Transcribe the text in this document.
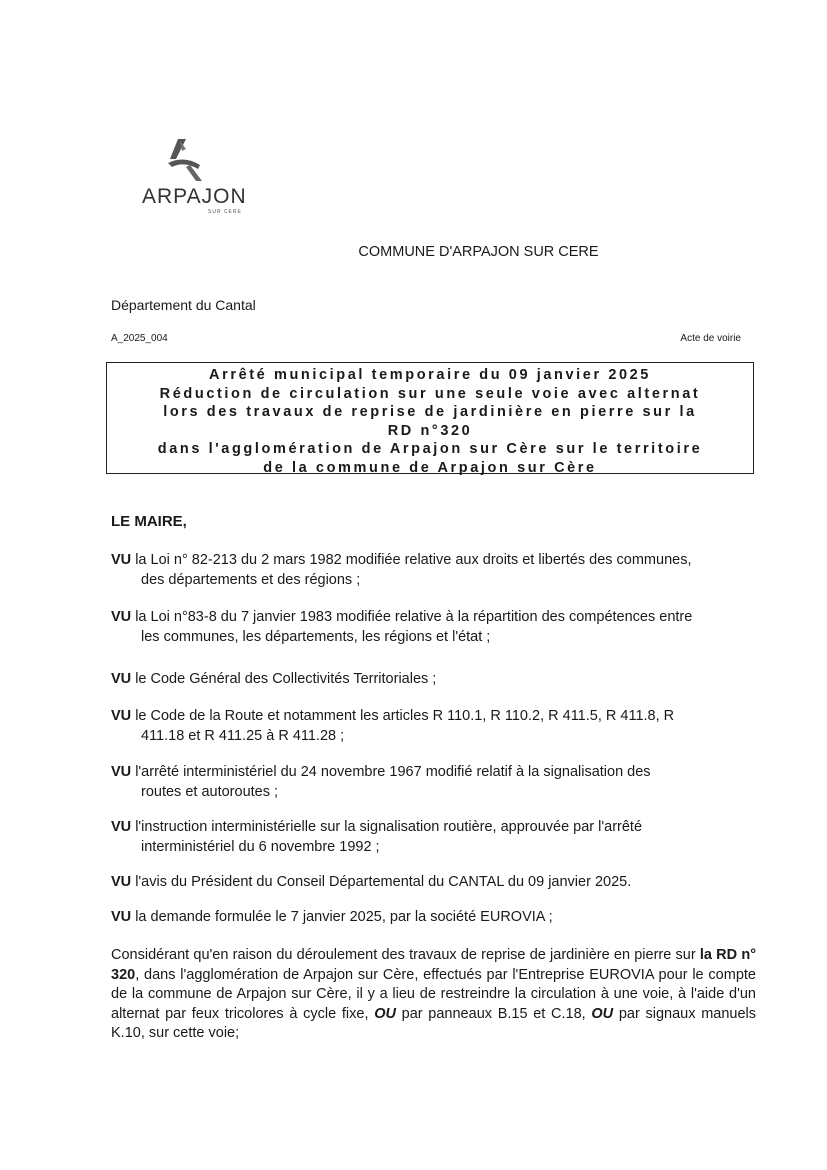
ARPAJON
SUR CERE
COMMUNE D'ARPAJON SUR CERE
Département du Cantal
A_2025_004	Acte de voirie
Arrêté municipal temporaire du 09 janvier 2025
Réduction de circulation sur une seule voie avec alternat
lors des travaux de reprise de jardinière en pierre sur la
RD n°320
dans l'agglomération de Arpajon sur Cère sur le territoire
de la commune de Arpajon sur Cère
LE MAIRE,
VU la Loi n° 82-213 du 2 mars 1982 modifiée relative aux droits et libertés des communes,
des départements et des régions ;
VU la Loi n°83-8 du 7 janvier 1983 modifiée relative à la répartition des compétences entre
les communes, les départements, les régions et l'état ;
VU le Code Général des Collectivités Territoriales ;
VU le Code de la Route et notamment les articles R 110.1, R 110.2, R 411.5, R 411.8, R
411.18 et R 411.25 à R 411.28 ;
VU l'arrêté interministériel du 24 novembre 1967 modifié relatif à la signalisation des
routes et autoroutes ;
VU l'instruction interministérielle sur la signalisation routière, approuvée par l'arrêté
interministériel du 6 novembre 1992 ;
VU l'avis du Président du Conseil Départemental du CANTAL du 09 janvier 2025.
VU la demande formulée le 7 janvier 2025, par la société EUROVIA ;
Considérant qu'en raison du déroulement des travaux de reprise de jardinière en pierre sur la RD n° 320, dans l'agglomération de Arpajon sur Cère, effectués par l'Entreprise EUROVIA pour le compte de la commune de Arpajon sur Cère, il y a lieu de restreindre la circulation à une voie, à l'aide d'un alternat par feux tricolores à cycle fixe, OU par panneaux B.15 et C.18, OU par signaux manuels K.10, sur cette voie;
